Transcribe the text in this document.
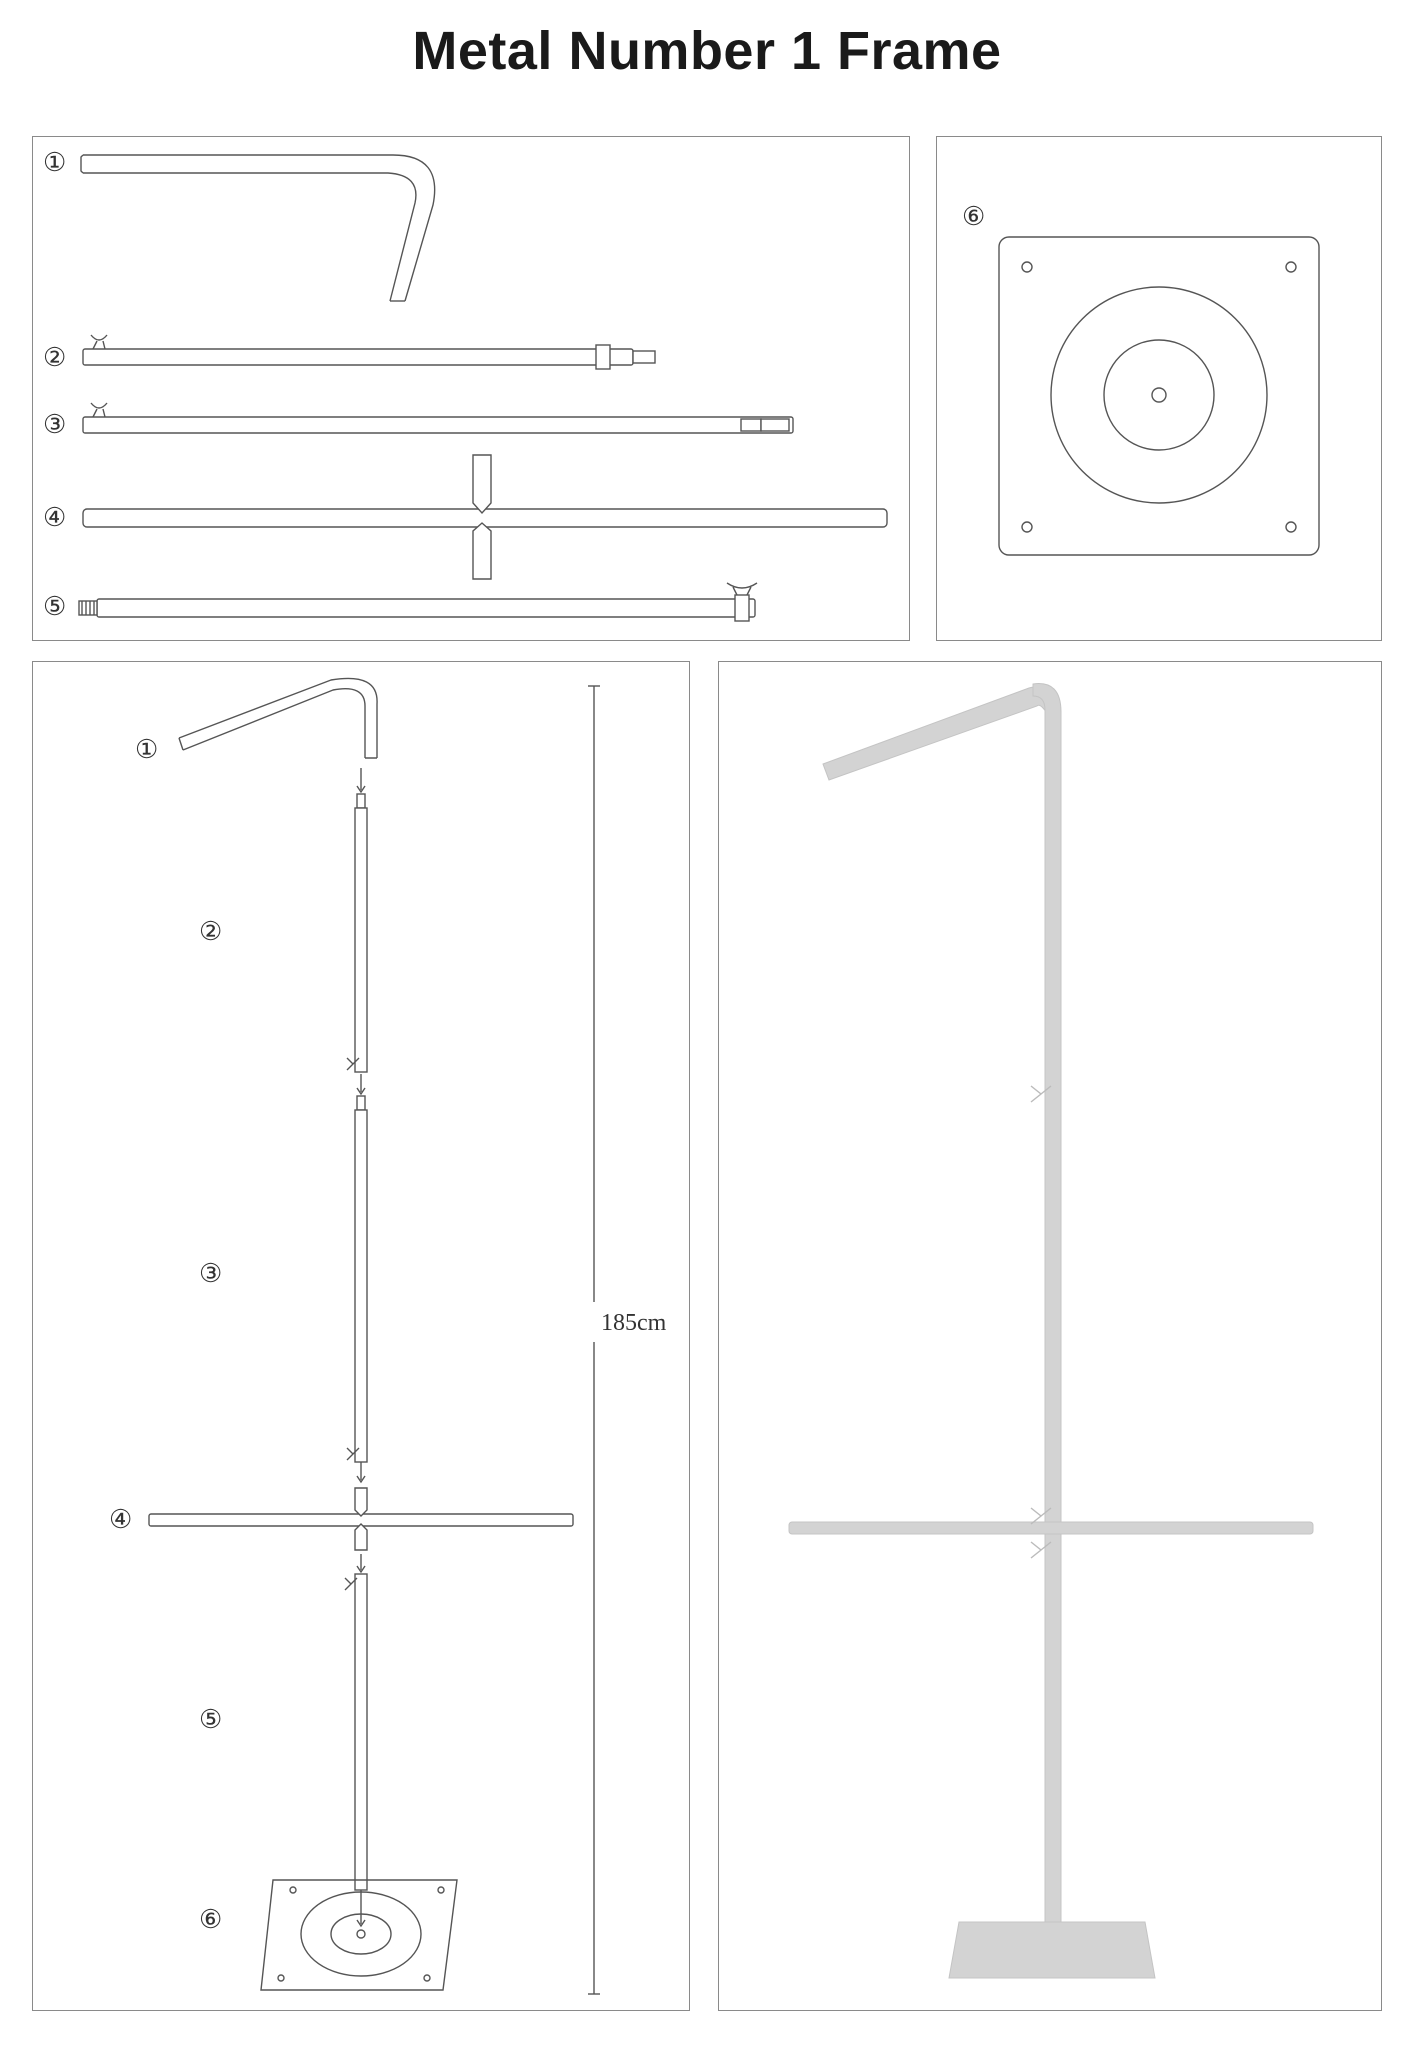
Metal Number 1 Frame
①
②
③
④
⑤
⑥
①
②
③
④
⑤
⑥
185cm
